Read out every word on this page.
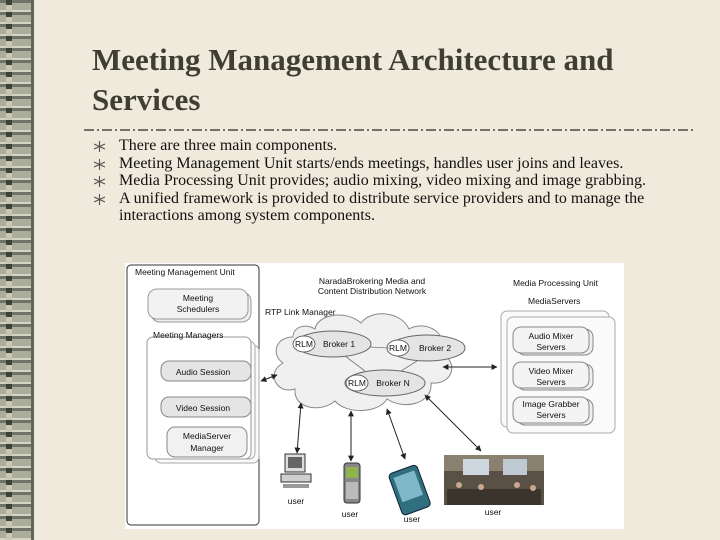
Meeting Management Architecture and Services
There are three main components.
Meeting Management Unit starts/ends meetings, handles user joins and leaves.
Media Processing Unit provides; audio mixing, video mixing and image grabbing.
A unified framework is provided to distribute service providers and to manage the interactions among system components.
Meeting Management Unit
Meeting
Schedulers
Meeting Managers
Audio Session
Video Session
MediaServer
Manager
NaradaBrokering Media and
Content Distribution Network
RTP Link Manager
RLM Broker 1	RLM Broker 2
RLM Broker N
Media Processing Unit
MediaServers
Audio Mixer
Servers
Video Mixer
Servers
Image Grabber
Servers
user
user	user
user
